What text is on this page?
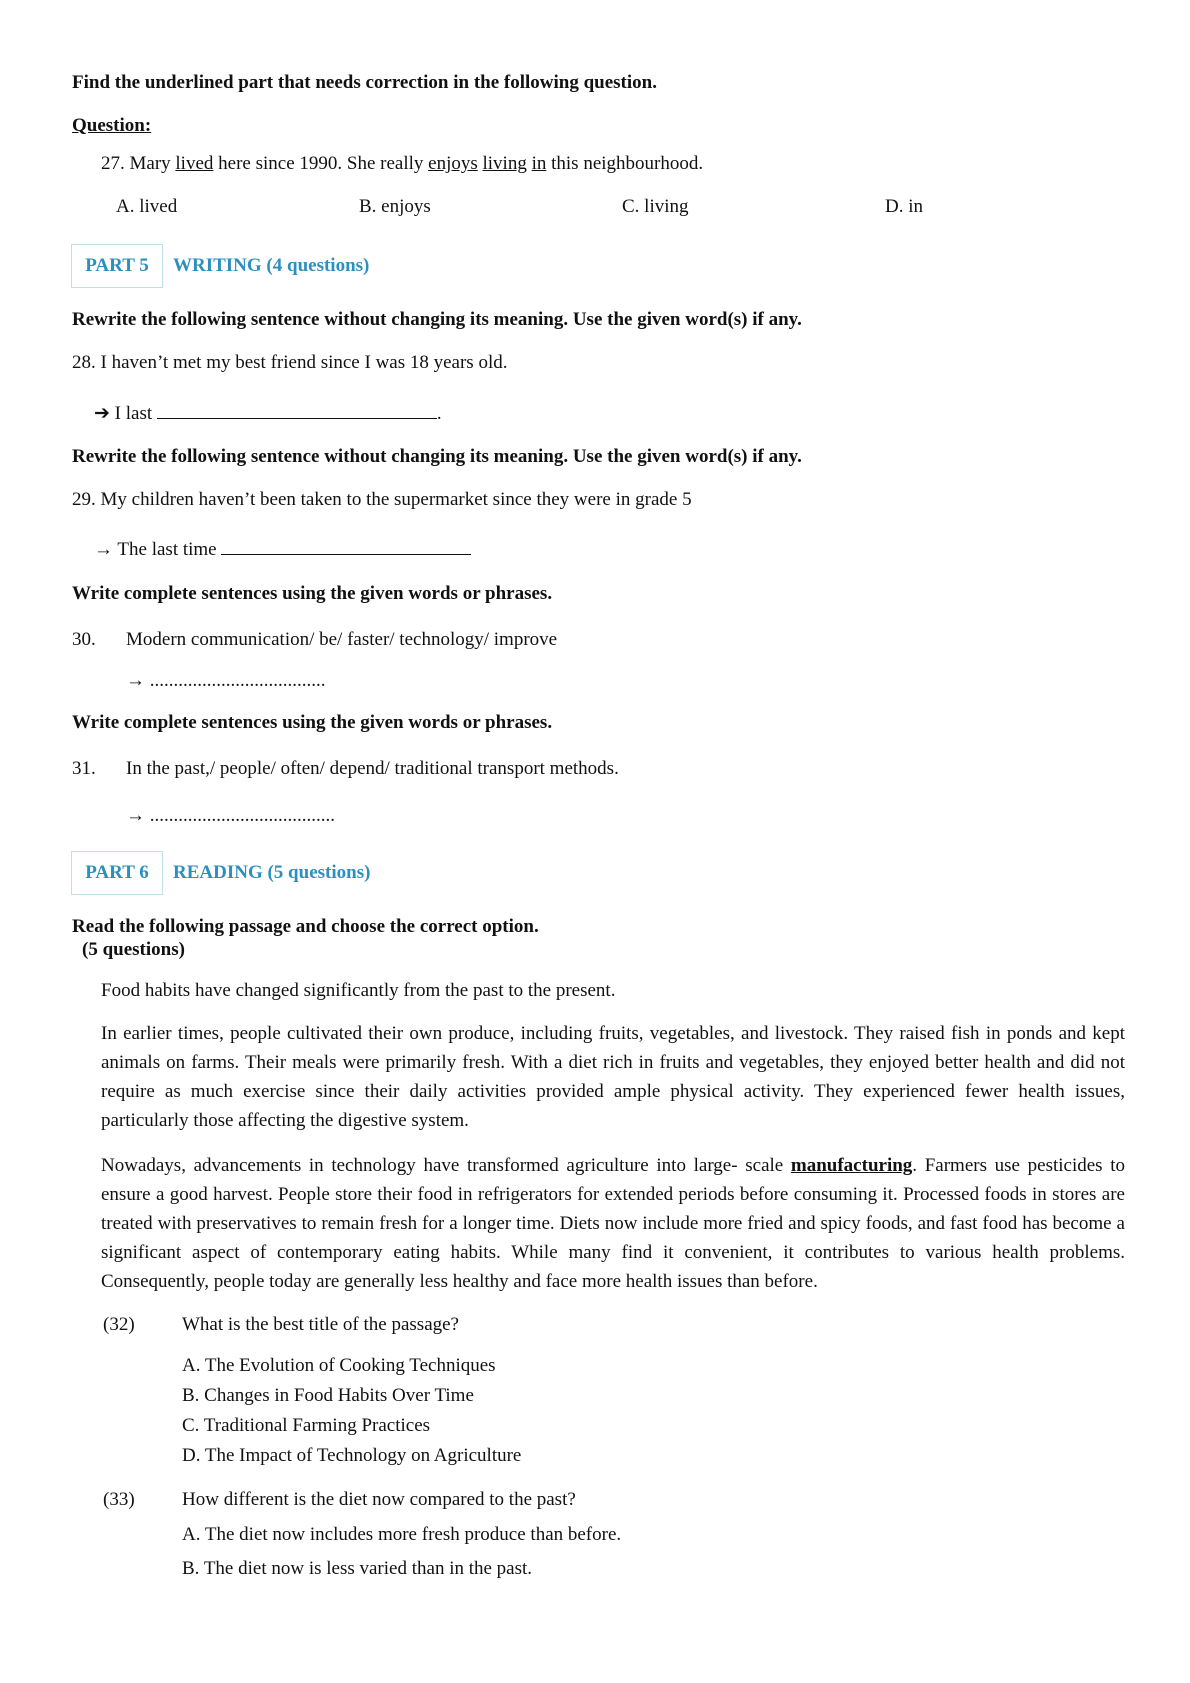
Find the underlined part that needs correction in the following question.
Question:
27. Mary lived here since 1990. She really enjoys living in this neighbourhood.
A. lived	B. enjoys	C. living	D. in
PART 5	WRITING (4 questions)
Rewrite the following sentence without changing its meaning. Use the given word(s) if any.
28. I haven’t met my best friend since I was 18 years old.
➔ I last	.
Rewrite the following sentence without changing its meaning. Use the given word(s) if any.
29. My children haven’t been taken to the supermarket since they were in grade 5
→ The last time
Write complete sentences using the given words or phrases.
30. Modern communication/ be/ faster/ technology/ improve
→ .....................................
Write complete sentences using the given words or phrases.
31. In the past,/ people/ often/ depend/ traditional transport methods.
→ .......................................
PART 6	READING (5 questions)
Read the following passage and choose the correct option.
(5 questions)
Food habits have changed significantly from the past to the present.
In earlier times, people cultivated their own produce, including fruits, vegetables, and livestock. They raised fish in ponds and kept animals on farms. Their meals were primarily fresh. With a diet rich in fruits and vegetables, they enjoyed better health and did not require as much exercise since their daily activities provided ample physical activity. They experienced fewer health issues, particularly those affecting the digestive system.
Nowadays, advancements in technology have transformed agriculture into large- scale manufacturing. Farmers use pesticides to ensure a good harvest. People store their food in refrigerators for extended periods before consuming it. Processed foods in stores are treated with preservatives to remain fresh for a longer time. Diets now include more fried and spicy foods, and fast food has become a significant aspect of contemporary eating habits. While many find it convenient, it contributes to various health problems. Consequently, people today are generally less healthy and face more health issues than before.
(32) What is the best title of the passage?
A. The Evolution of Cooking Techniques
B. Changes in Food Habits Over Time
C. Traditional Farming Practices
D. The Impact of Technology on Agriculture
(33) How different is the diet now compared to the past?
A. The diet now includes more fresh produce than before.
B. The diet now is less varied than in the past.
